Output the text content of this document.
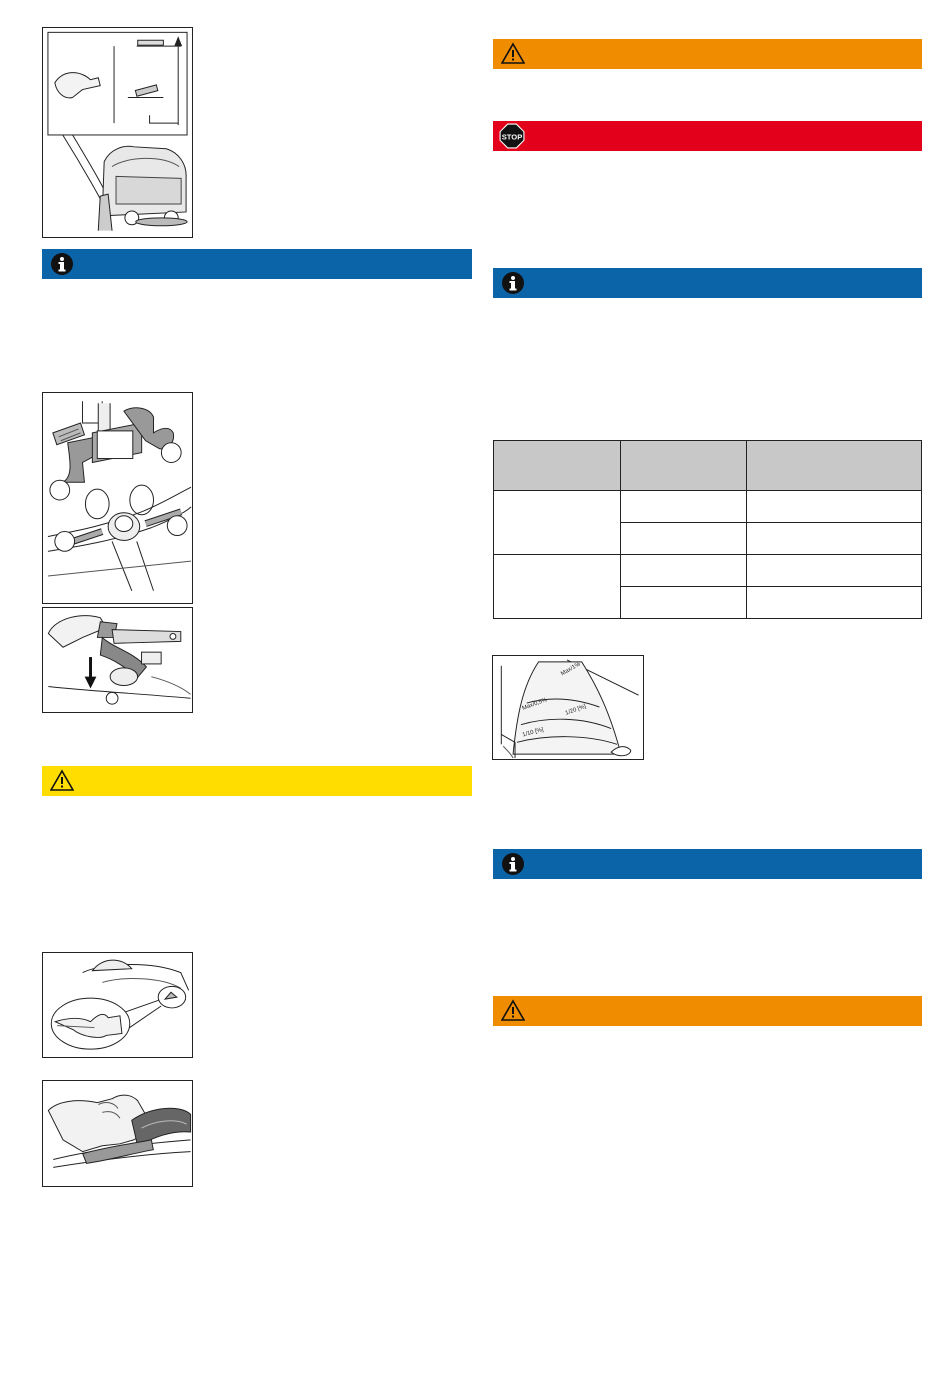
STOP

Max/1%
Max/0,5%	1/20 [%]
1/10 [%]
